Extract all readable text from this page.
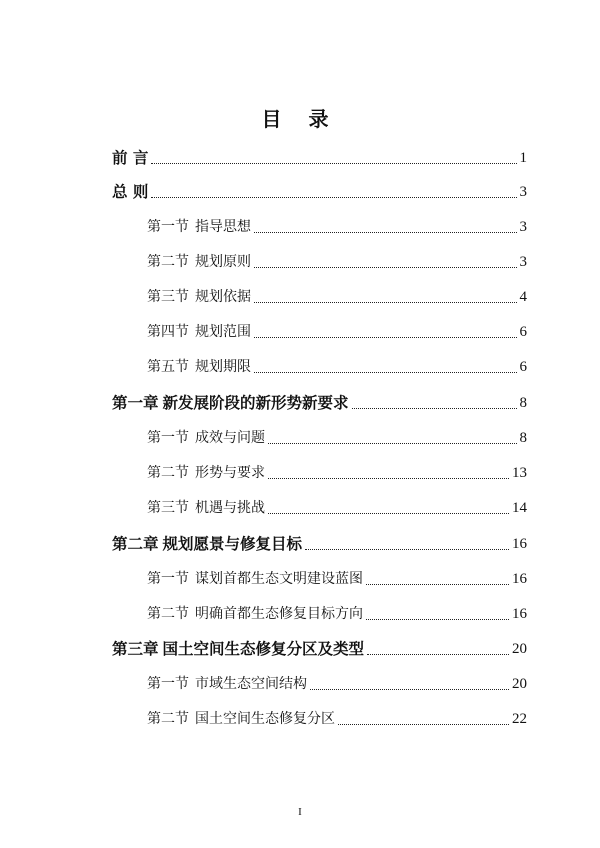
目 录
前 言	1
总 则	3
第一节 指导思想	3
第二节 规划原则	3
第三节 规划依据	4
第四节 规划范围	6
第五节 规划期限	6
第一章 新发展阶段的新形势新要求	8
第一节 成效与问题	8
第二节 形势与要求	13
第三节 机遇与挑战	14
第二章 规划愿景与修复目标	16
第一节 谋划首都生态文明建设蓝图	16
第二节 明确首都生态修复目标方向	16
第三章 国土空间生态修复分区及类型	20
第一节 市域生态空间结构	20
第二节 国土空间生态修复分区	22
I
